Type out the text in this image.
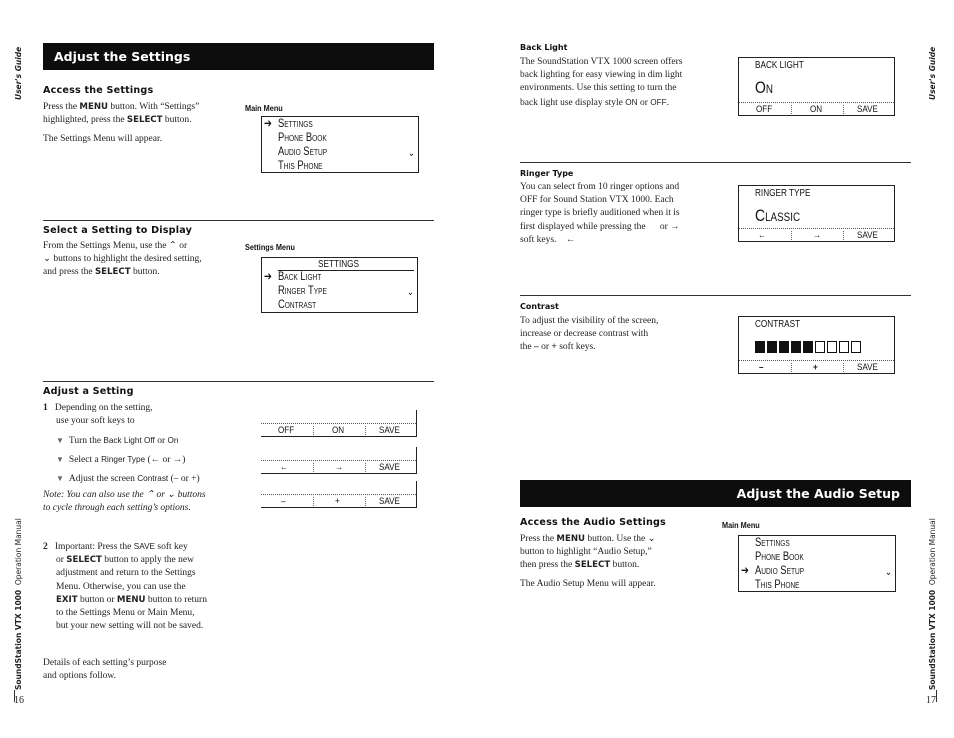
User's Guide
SoundStation VTX 1000  Operation Manual
16
Adjust the Settings
Access the Settings
Press the MENU button. With “Settings”
highlighted, press the SELECT button.
The Settings Menu will appear.
Main Menu
➔ Settings
Phone Book
Audio Setup
This Phone
⌄
Select a Setting to Display
From the Settings Menu, use the ⌃ or
⌄ buttons to highlight the desired setting,
and press the SELECT button.
Settings Menu
SETTINGS
➔ Back Light
Ringer Type
Contrast
⌄
Adjust a Setting
1 Depending on the setting,
use your soft keys to
▼ Turn the Back Light Off or On
▼ Select a Ringer Type (← or →)
▼ Adjust the screen Contrast (– or +)
Note: You can also use the ⌃ or ⌄ buttons
to cycle through each setting’s options.
OFF	ON	SAVE
←	→	SAVE
–	+	SAVE
2 Important: Press the SAVE soft key
or SELECT button to apply the new
adjustment and return to the Settings
Menu. Otherwise, you can use the
EXIT button or MENU button to return
to the Settings Menu or Main Menu,
but your new setting will not be saved.
Details of each setting’s purpose
and options follow.
User's Guide
SoundStation VTX 1000  Operation Manual
17
Back Light
The SoundStation VTX 1000 screen offers
back lighting for easy viewing in dim light
environments. Use this setting to turn the
back light use display style ON or OFF.
BACK LIGHT
On
OFF	ON	SAVE
Ringer Type
You can select from 10 ringer options and
OFF for Sound Station VTX 1000. Each
ringer type is briefly auditioned when it is
first displayed while pressing the or →
soft keys. ←
RINGER TYPE
Classic
←	→	SAVE
Contrast
To adjust the visibility of the screen,
increase or decrease contrast with
the – or + soft keys.
CONTRAST
–	+	SAVE
Adjust the Audio Setup
Access the Audio Settings
Press the MENU button. Use the ⌄
button to highlight “Audio Setup,”
then press the SELECT button.
The Audio Setup Menu will appear.
Main Menu
Settings
Phone Book
➔ Audio Setup
This Phone
⌄
